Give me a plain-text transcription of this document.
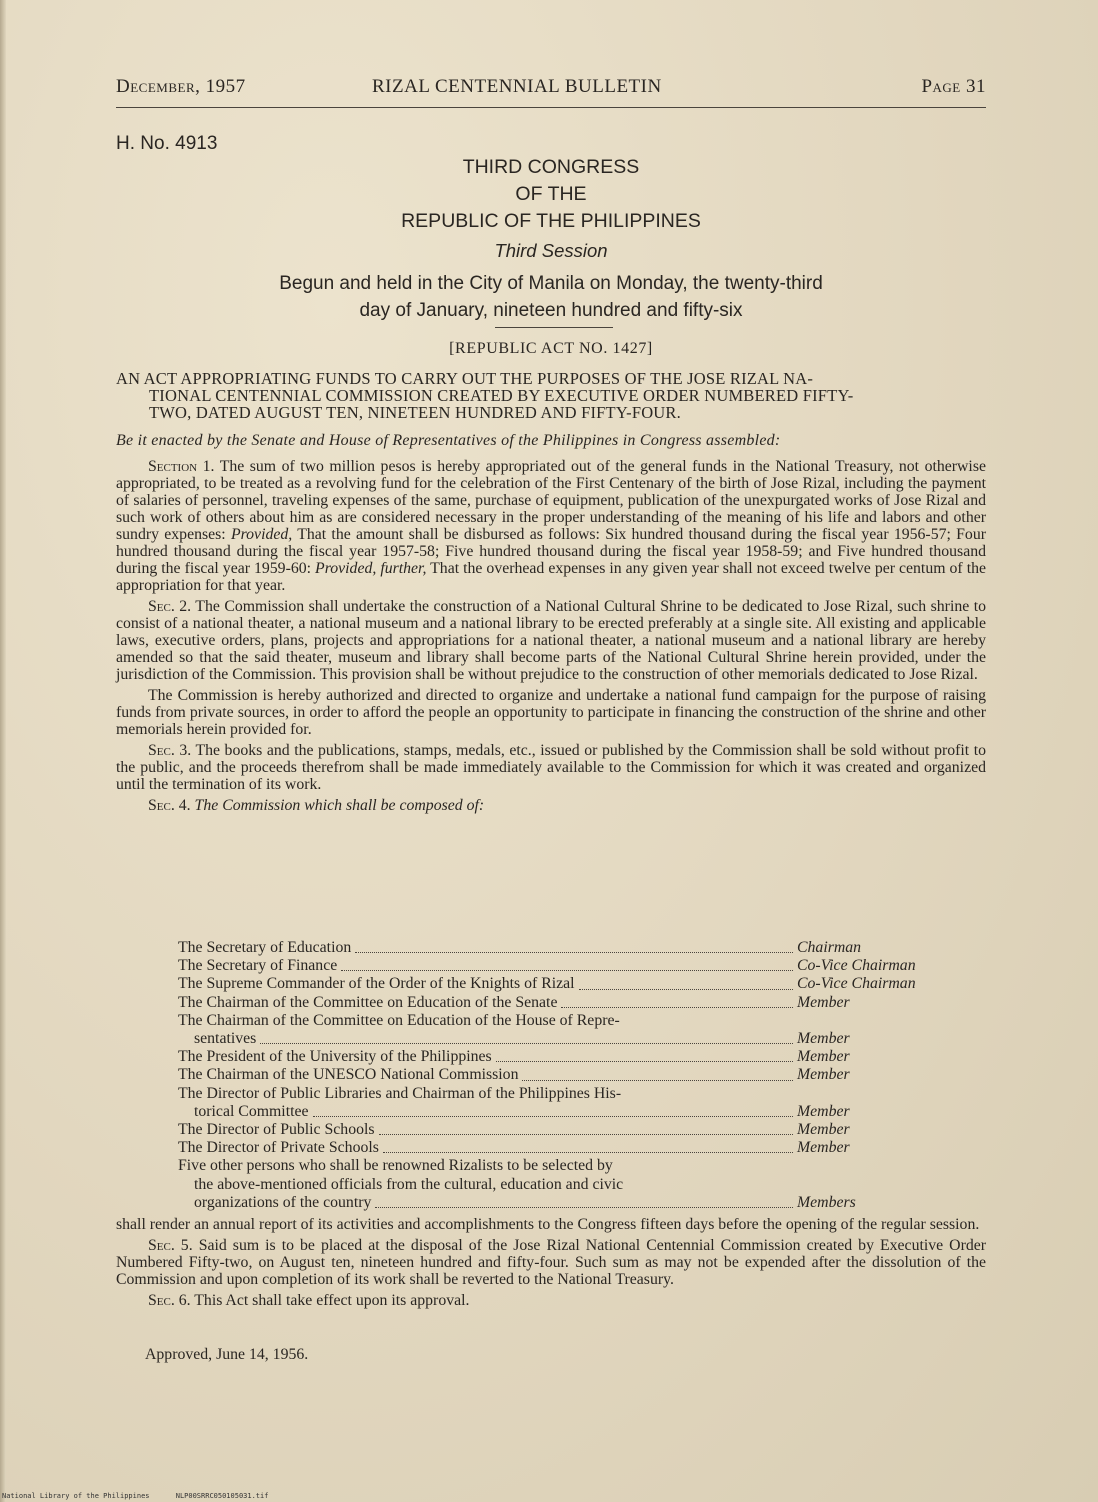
December, 1957	RIZAL CENTENNIAL BULLETIN	Page 31
H. No. 4913
THIRD CONGRESS
OF THE
REPUBLIC OF THE PHILIPPINES
Third Session
Begun and held in the City of Manila on Monday, the twenty-third
day of January, nineteen hundred and fifty-six
[REPUBLIC ACT NO. 1427]
AN ACT APPROPRIATING FUNDS TO CARRY OUT THE PURPOSES OF THE JOSE RIZAL NA-
TIONAL CENTENNIAL COMMISSION CREATED BY EXECUTIVE ORDER NUMBERED FIFTY-
TWO, DATED AUGUST TEN, NINETEEN HUNDRED AND FIFTY-FOUR.
Be it enacted by the Senate and House of Representatives of the Philippines in Congress assembled:

Section 1. The sum of two million pesos is hereby appropriated out of the general funds in the National Treasury, not otherwise appropriated, to be treated as a revolving fund for the celebration of the First Centenary of the birth of Jose Rizal, including the payment of salaries of personnel, traveling expenses of the same, purchase of equipment, publication of the unexpurgated works of Jose Rizal and such work of others about him as are considered necessary in the proper understanding of the meaning of his life and labors and other sundry expenses: Provided, That the amount shall be disbursed as follows: Six hundred thousand during the fiscal year 1956-57; Four hundred thousand during the fiscal year 1957-58; Five hundred thousand during the fiscal year 1958-59; and Five hundred thousand during the fiscal year 1959-60: Provided, further, That the overhead expenses in any given year shall not exceed twelve per centum of the appropriation for that year.

Sec. 2. The Commission shall undertake the construction of a National Cultural Shrine to be dedicated to Jose Rizal, such shrine to consist of a national theater, a national museum and a national library to be erected preferably at a single site. All existing and applicable laws, executive orders, plans, projects and appropriations for a national theater, a national museum and a national library are hereby amended so that the said theater, museum and library shall become parts of the National Cultural Shrine herein provided, under the jurisdiction of the Commission. This provision shall be without prejudice to the construction of other memorials dedicated to Jose Rizal.

The Commission is hereby authorized and directed to organize and undertake a national fund campaign for the purpose of raising funds from private sources, in order to afford the people an opportunity to participate in financing the construction of the shrine and other memorials herein provided for.

Sec. 3. The books and the publications, stamps, medals, etc., issued or published by the Commission shall be sold without profit to the public, and the proceeds therefrom shall be made immediately available to the Commission for which it was created and organized until the termination of its work.

Sec. 4. The Commission which shall be composed of:

The Secretary of Education	Chairman
The Secretary of Finance	Co-Vice Chairman
The Supreme Commander of the Order of the Knights of Rizal	Co-Vice Chairman
The Chairman of the Committee on Education of the Senate	Member
The Chairman of the Committee on Education of the House of Repre-
sentatives	Member
The President of the University of the Philippines	Member
The Chairman of the UNESCO National Commission	Member
The Director of Public Libraries and Chairman of the Philippines His-
torical Committee	Member
The Director of Public Schools	Member
The Director of Private Schools	Member
Five other persons who shall be renowned Rizalists to be selected by
the above-mentioned officials from the cultural, education and civic
organizations of the country	Members

shall render an annual report of its activities and accomplishments to the Congress fifteen days before the opening of the regular session.

Sec. 5. Said sum is to be placed at the disposal of the Jose Rizal National Centennial Commission created by Executive Order Numbered Fifty-two, on August ten, nineteen hundred and fifty-four. Such sum as may not be expended after the dissolution of the Commission and upon completion of its work shall be reverted to the National Treasury.

Sec. 6. This Act shall take effect upon its approval.

Approved, June 14, 1956.
National Library of the Philippines	NLP00SRRC050105031.tif
